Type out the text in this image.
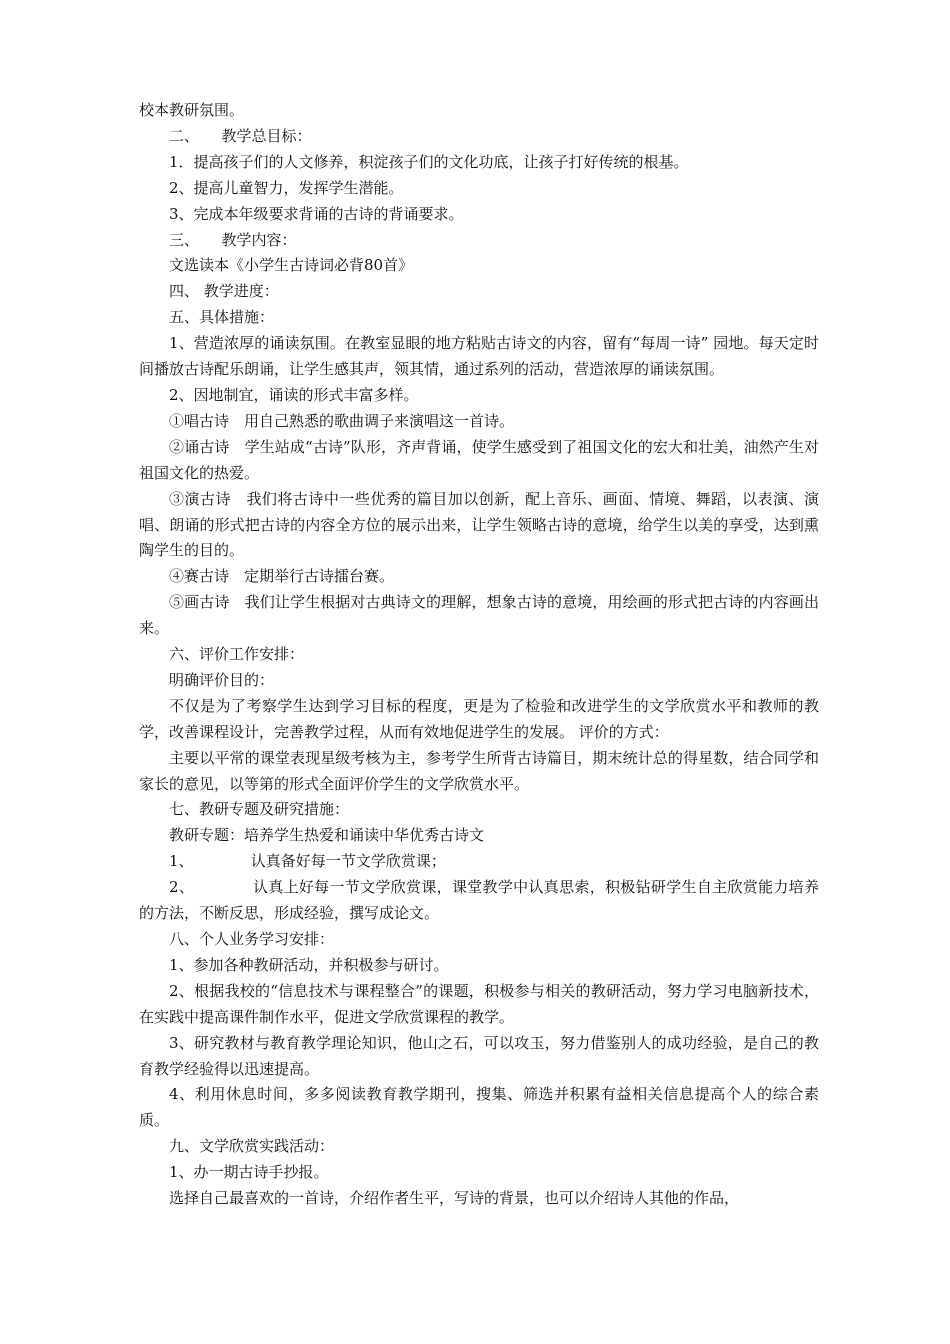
校本教研氛围。

二、　　教学总目标：

1．提高孩子们的人文修养，积淀孩子们的文化功底，让孩子打好传统的根基。

2、提高儿童智力，发挥学生潜能。

3、完成本年级要求背诵的古诗的背诵要求。

三、　　教学内容：

文选读本《小学生古诗词必背80首》

四、 教学进度：

五、具体措施：

1、营造浓厚的诵读氛围。在教室显眼的地方粘贴古诗文的内容，留有“每周一诗” 园地。每天定时间播放古诗配乐朗诵，让学生感其声，领其情，通过系列的活动，营造浓厚的诵读氛围。

2、因地制宜，诵读的形式丰富多样。

①唱古诗　用自己熟悉的歌曲调子来演唱这一首诗。

②诵古诗　学生站成“古诗”队形，齐声背诵，使学生感受到了祖国文化的宏大和壮美，油然产生对祖国文化的热爱。

③演古诗　我们将古诗中一些优秀的篇目加以创新，配上音乐、画面、情境、舞蹈，以表演、演唱、朗诵的形式把古诗的内容全方位的展示出来，让学生领略古诗的意境，给学生以美的享受，达到熏陶学生的目的。

④赛古诗　定期举行古诗擂台赛。

⑤画古诗　我们让学生根据对古典诗文的理解，想象古诗的意境，用绘画的形式把古诗的内容画出来。

六、评价工作安排：

明确评价目的：

不仅是为了考察学生达到学习目标的程度，更是为了检验和改进学生的文学欣赏水平和教师的教学，改善课程设计，完善教学过程，从而有效地促进学生的发展。 评价的方式：

主要以平常的课堂表现星级考核为主，参考学生所背古诗篇目，期末统计总的得星数，结合同学和家长的意见，以等第的形式全面评价学生的文学欣赏水平。

七、教研专题及研究措施：

教研专题：培养学生热爱和诵读中华优秀古诗文

1、　　　　 认真备好每一节文学欣赏课；

2、　　　　 认真上好每一节文学欣赏课，课堂教学中认真思索，积极钻研学生自主欣赏能力培养的方法，不断反思，形成经验，撰写成论文。

八、个人业务学习安排：

1、参加各种教研活动，并积极参与研讨。

2、根据我校的“信息技术与课程整合”的课题，积极参与相关的教研活动，努力学习电脑新技术，在实践中提高课件制作水平，促进文学欣赏课程的教学。

3、研究教材与教育教学理论知识，他山之石，可以攻玉，努力借鉴别人的成功经验，是自己的教育教学经验得以迅速提高。

4、利用休息时间，多多阅读教育教学期刊，搜集、筛选并积累有益相关信息提高个人的综合素质。

九、文学欣赏实践活动：

1、办一期古诗手抄报。

选择自己最喜欢的一首诗，介绍作者生平，写诗的背景，也可以介绍诗人其他的作品，
